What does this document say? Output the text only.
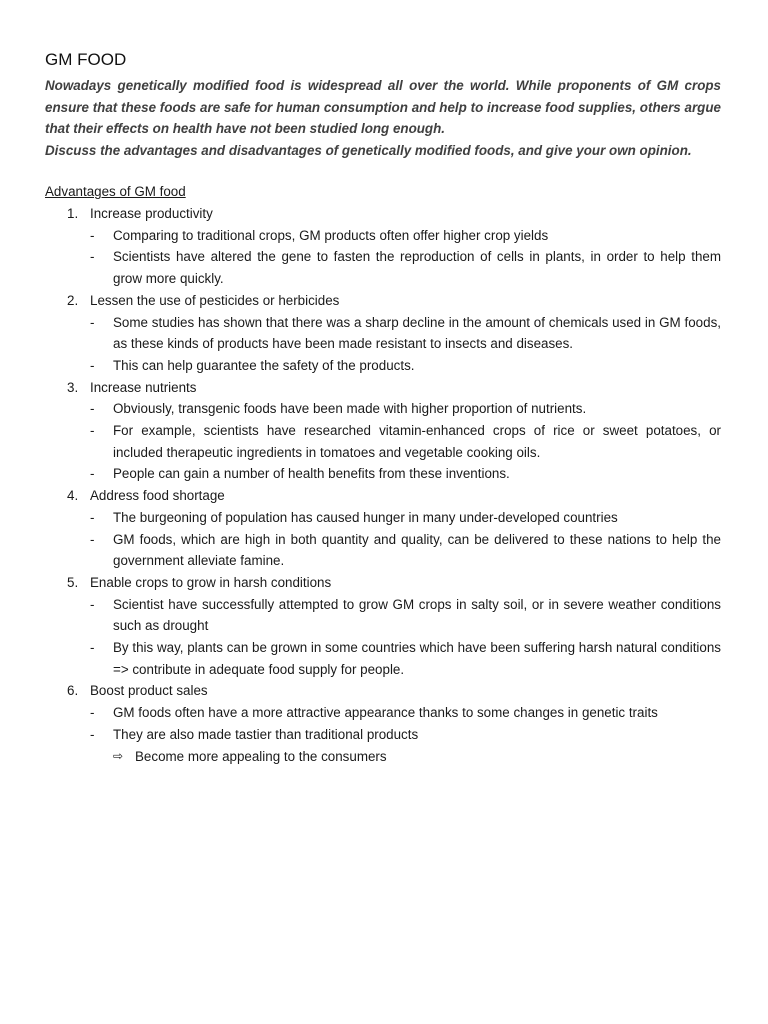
GM FOOD

Nowadays genetically modified food is widespread all over the world. While proponents of GM crops ensure that these foods are safe for human consumption and help to increase food supplies, others argue that their effects on health have not been studied long enough.

Discuss the advantages and disadvantages of genetically modified foods, and give your own opinion.

Advantages of GM food
1. Increase productivity
- Comparing to traditional crops, GM products often offer higher crop yields
- Scientists have altered the gene to fasten the reproduction of cells in plants, in order to help them grow more quickly.
2. Lessen the use of pesticides or herbicides
- Some studies has shown that there was a sharp decline in the amount of chemicals used in GM foods, as these kinds of products have been made resistant to insects and diseases.
- This can help guarantee the safety of the products.
3. Increase nutrients
- Obviously, transgenic foods have been made with higher proportion of nutrients.
- For example, scientists have researched vitamin-enhanced crops of rice or sweet potatoes, or included therapeutic ingredients in tomatoes and vegetable cooking oils.
- People can gain a number of health benefits from these inventions.
4. Address food shortage
- The burgeoning of population has caused hunger in many under-developed countries
- GM foods, which are high in both quantity and quality, can be delivered to these nations to help the government alleviate famine.
5. Enable crops to grow in harsh conditions
- Scientist have successfully attempted to grow GM crops in salty soil, or in severe weather conditions such as drought
- By this way, plants can be grown in some countries which have been suffering harsh natural conditions => contribute in adequate food supply for people.
6. Boost product sales
- GM foods often have a more attractive appearance thanks to some changes in genetic traits
- They are also made tastier than traditional products
⇨ Become more appealing to the consumers
